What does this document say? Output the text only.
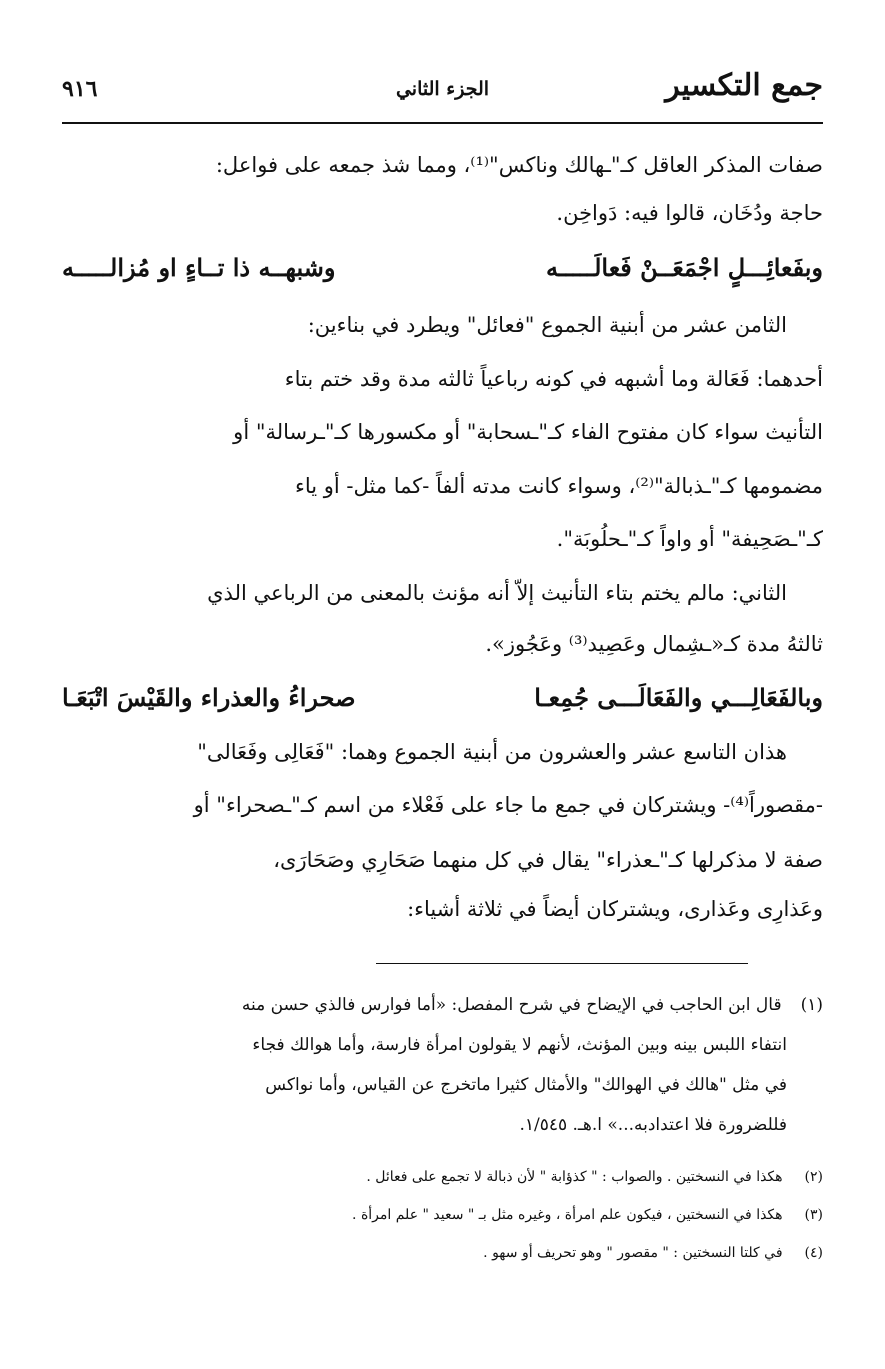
جمع التكسير
الجزء الثاني
٩١٦
صفات المذكر العاقل كـ"ـهالك وناكس"⁽¹⁾، ومما شذ جمعه على فواعل:
حاجة ودُخَان، قالوا فيه: دَواخِن.
وبفَعائِـــلٍ اجْمَعَــنْ فَعالَـــــه
وشبهــه ذا تــاءٍ او مُزالـــــه
الثامن عشر من أبنية الجموع "فعائل" ويطرد في بناءين:
أحدهما: فَعَالة وما أشبهه في كونه رباعياً ثالثه مدة وقد ختم بتاء
التأنيث سواء كان مفتوح الفاء كـ"ـسحابة" أو مكسورها كـ"ـرسالة" أو
مضمومها كـ"ـذبالة"⁽²⁾، وسواء كانت مدته ألفاً -كما مثل- أو ياء
كـ"ـصَحِيفة" أو واواً كـ"ـحلُوبَة".
الثاني: مالم يختم بتاء التأنيث إلاّ أنه مؤنث بالمعنى من الرباعي الذي
ثالثهُ مدة كـ«ـشِمال وعَصِيد⁽³⁾ وعَجُوز».
وبالفَعَالِـــي والفَعَالَـــى جُمِعـا
صحراءُ والعذراء والقَيْسَ اتْبَعَـا
هذان التاسع عشر والعشرون من أبنية الجموع وهما: "فَعَالِى وفَعَالى"
-مقصوراً⁽⁴⁾- ويشتركان في جمع ما جاء على فَعْلاء من اسم كـ"ـصحراء" أو
صفة لا مذكرلها كـ"ـعذراء" يقال في كل منهما صَحَارِي وصَحَارَى،
وعَذارِى وعَذارى، ويشتركان أيضاً في ثلاثة أشياء:
(١) قال ابن الحاجب في الإيضاح في شرح المفصل: «أما فوارس فالذي حسن منه
انتفاء اللبس بينه وبين المؤنث، لأنهم لا يقولون امرأة فارسة، وأما هوالك فجاء
في مثل "هالك في الهوالك" والأمثال كثيرا ماتخرج عن القياس، وأما نواكس
فللضرورة فلا اعتدادبه...» ا.هـ. ١/٥٤٥.
(٢) هكذا في النسختين . والصواب : " كذؤابة " لأن ذبالة لا تجمع على فعائل .
(٣) هكذا في النسختين ، فيكون علم امرأة ، وغيره مثل بـ " سعيد " علم امرأة .
(٤) في كلتا النسختين : " مقصور " وهو تحريف أو سهو .
